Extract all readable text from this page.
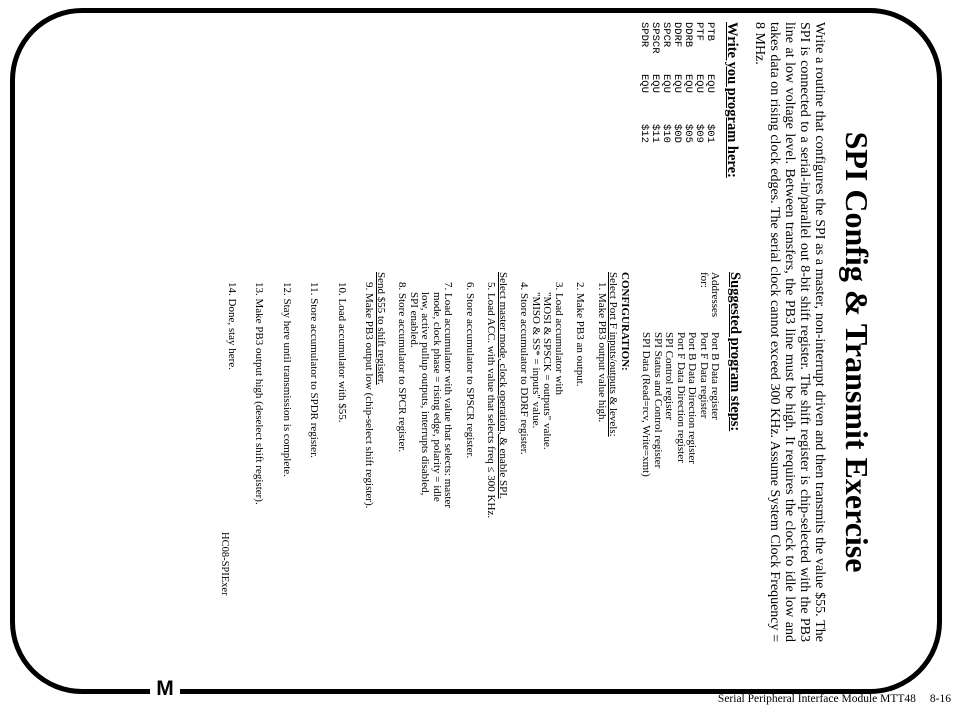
M	Serial Peripheral Interface Module MTT48 8-16
SPI Config & Transmit Exercise
Write a routine that configures the SPI as a master, non-interrupt driven and then transmits the value $55. The SPI is connected to a serial-in/parallel out 8-bit shift register. The shift register is chip-selected with the PB3 line at low voltage level. Between transfers, the PB3 line must be high. It requires the clock to idle low and takes data on rising clock edges. The serial clock cannot exceed 300 KHz. Assume System Clock Frequency = 8 MHz.
Write you program here:
PTB
EQU
$01
PTF
EQU
$09
DDRB
EQU
$05
DDRF
EQU
$0D
SPCR
EQU
$10
SPSCR
EQU
$11
SPDR
EQU
$12
Suggested program steps:
Addresses for:
Port B Data register
Port F Data register
Port B Data Direction register
Port F Data Direction register
SPI Control register
SPI Status and Control register
SPI Data (Read=rcv, Write=xmt)
CONFIGURATION:
Select Port F inputs/outputs & levels:
1. Make PB3 output value high.
2. Make PB3 an output.
3. Load accumulator with
"MOSI & SPSCK = outputs" value.
"MISO & SS* = inputs" value.
4. Store accumulator to DDRF register.
Select master mode, clock operation, & enable SPI.
5. Load ACC. with value that selects freq ≤ 300 KHz.
6. Store accumulator to SPSCR register.
7. Load accumulator with value that selects: master
mode, clock phase = rising edge, polarity = idle
low, active pullup outputs, interrupts disabled,
SPI enabled.
8. Store accumulator to SPCR register.
Send $55 to shift register.
9. Make PB3 output low (chip-select shift register).
10. Load accumulator with $55.
11. Store accumulator to SPDR register.
12. Stay here until transmission is complete.
13. Make PB3 output high (deselect shift register).
14. Done, stay here.
HC08-SPIExer
